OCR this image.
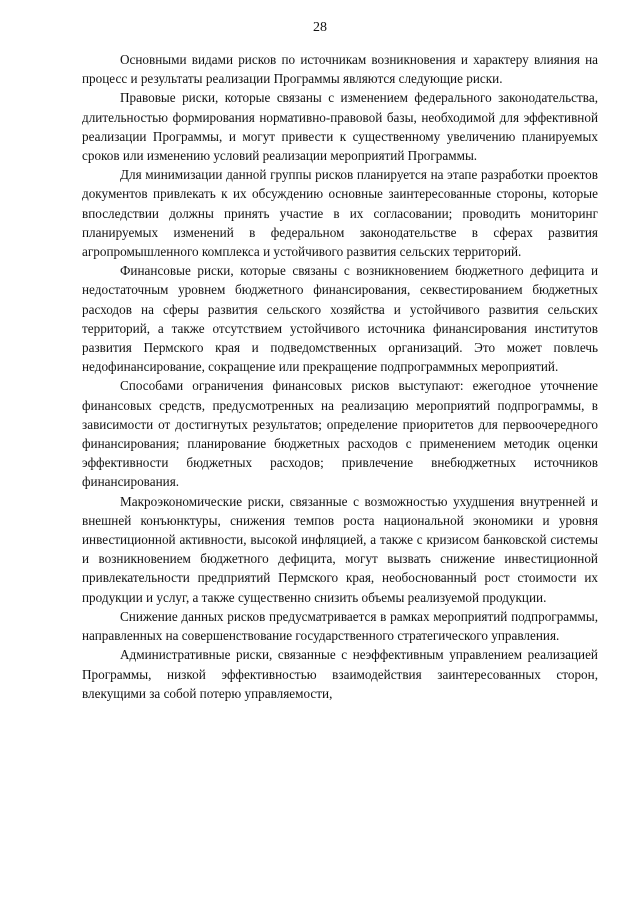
28

Основными видами рисков по источникам возникновения и характеру влияния на процесс и результаты реализации Программы являются следующие риски.

Правовые риски, которые связаны с изменением федерального законодательства, длительностью формирования нормативно-правовой базы, необходимой для эффективной реализации Программы, и могут привести к существенному увеличению планируемых сроков или изменению условий реализации мероприятий Программы.

Для минимизации данной группы рисков планируется на этапе разработки проектов документов привлекать к их обсуждению основные заинтересованные стороны, которые впоследствии должны принять участие в их согласовании; проводить мониторинг планируемых изменений в федеральном законодательстве в сферах развития агропромышленного комплекса и устойчивого развития сельских территорий.

Финансовые риски, которые связаны с возникновением бюджетного дефицита и недостаточным уровнем бюджетного финансирования, секвестированием бюджетных расходов на сферы развития сельского хозяйства и устойчивого развития сельских территорий, а также отсутствием устойчивого источника финансирования институтов развития Пермского края и подведомственных организаций. Это может повлечь недофинансирование, сокращение или прекращение подпрограммных мероприятий.

Способами ограничения финансовых рисков выступают: ежегодное уточнение финансовых средств, предусмотренных на реализацию мероприятий подпрограммы, в зависимости от достигнутых результатов; определение приоритетов для первоочередного финансирования; планирование бюджетных расходов с применением методик оценки эффективности бюджетных расходов; привлечение внебюджетных источников финансирования.

Макроэкономические риски, связанные с возможностью ухудшения внутренней и внешней конъюнктуры, снижения темпов роста национальной экономики и уровня инвестиционной активности, высокой инфляцией, а также с кризисом банковской системы и возникновением бюджетного дефицита, могут вызвать снижение инвестиционной привлекательности предприятий Пермского края, необоснованный рост стоимости их продукции и услуг, а также существенно снизить объемы реализуемой продукции.

Снижение данных рисков предусматривается в рамках мероприятий подпрограммы, направленных на совершенствование государственного стратегического управления.

Административные риски, связанные с неэффективным управлением реализацией Программы, низкой эффективностью взаимодействия заинтересованных сторон, влекущими за собой потерю управляемости,
